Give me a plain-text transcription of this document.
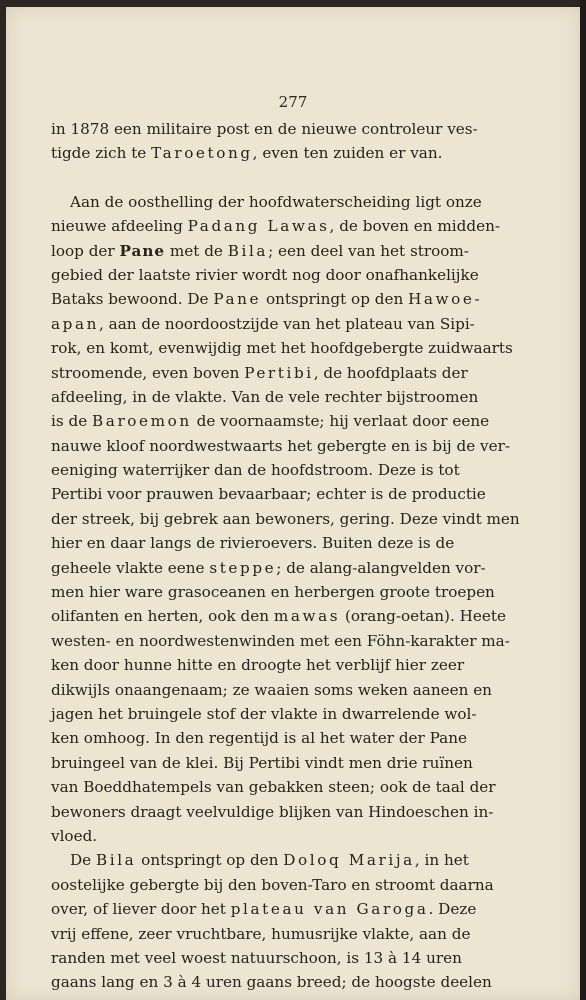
277
in 1878 een militaire post en de nieuwe controleur ves-
tigde zich te Taroetong, even ten zuiden er van.
Aan de oosthelling der hoofdwaterscheiding ligt onze
nieuwe afdeeling Padang Lawas, de boven en midden-
loop der Pane met de Bila; een deel van het stroom-
gebied der laatste rivier wordt nog door onafhankelijke
Bataks bewoond. De Pane ontspringt op den Hawoe-
apan, aan de noordoostzijde van het plateau van Sipi-
rok, en komt, evenwijdig met het hoofdgebergte zuidwaarts
stroomende, even boven Pertibi, de hoofdplaats der
afdeeling, in de vlakte. Van de vele rechter bijstroomen
is de Baroemon de voornaamste; hij verlaat door eene
nauwe kloof noordwestwaarts het gebergte en is bij de ver-
eeniging waterrijker dan de hoofdstroom. Deze is tot
Pertibi voor prauwen bevaarbaar; echter is de productie
der streek, bij gebrek aan bewoners, gering. Deze vindt men
hier en daar langs de rivieroevers. Buiten deze is de
geheele vlakte eene steppe; de alang-alangvelden vor-
men hier ware grasoceanen en herbergen groote troepen
olifanten en herten, ook den mawas (orang-oetan). Heete
westen- en noordwestenwinden met een Föhn-karakter ma-
ken door hunne hitte en droogte het verblijf hier zeer
dikwijls onaangenaam; ze waaien soms weken aaneen en
jagen het bruingele stof der vlakte in dwarrelende wol-
ken omhoog. In den regentijd is al het water der Pane
bruingeel van de klei. Bij Pertibi vindt men drie ruïnen
van Boeddhatempels van gebakken steen; ook de taal der
bewoners draagt veelvuldige blijken van Hindoeschen in-
vloed.
De Bila ontspringt op den Doloq Marija, in het
oostelijke gebergte bij den boven-Taro en stroomt daarna
over, of liever door het plateau van Garoga. Deze
vrij effene, zeer vruchtbare, humusrijke vlakte, aan de
randen met veel woest natuurschoon, is 13 à 14 uren
gaans lang en 3 à 4 uren gaans breed; de hoogste deelen
